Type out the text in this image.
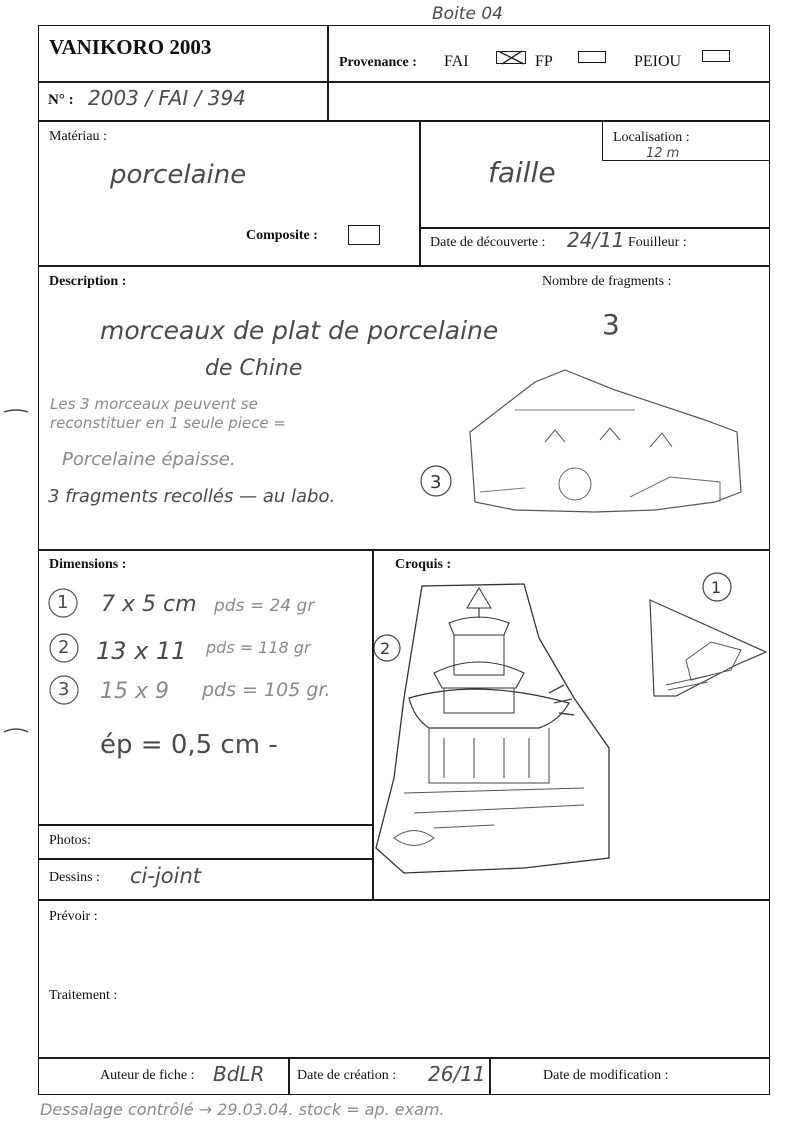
Boite 04
VANIKORO 2003
Provenance : FAI	FP	PEIOU
N° : 2003 / FAI / 394
Matériau :
porcelaine
Composite :
faille
Localisation :
12 m
Date de découverte : 24/11 Fouilleur :
Description :	Nombre de fragments :
3
morceaux de plat de porcelaine
de Chine
Les 3 morceaux peuvent se
reconstituer en 1 seule piece =
Porcelaine épaisse.
3 fragments recollés — au labo.
3
Dimensions :
1 7 x 5 cm pds = 24 gr
2 13 x 11 pds = 118 gr
3 15 x 9 pds = 105 gr.
ép = 0,5 cm -
Croquis :
2
1
Photos:
Dessins : ci-joint
Prévoir :
Traitement :
Auteur de fiche : BdLR Date de création : 26/11	Date de modification :
Dessalage contrôlé → 29.03.04. stock = ap. exam.
